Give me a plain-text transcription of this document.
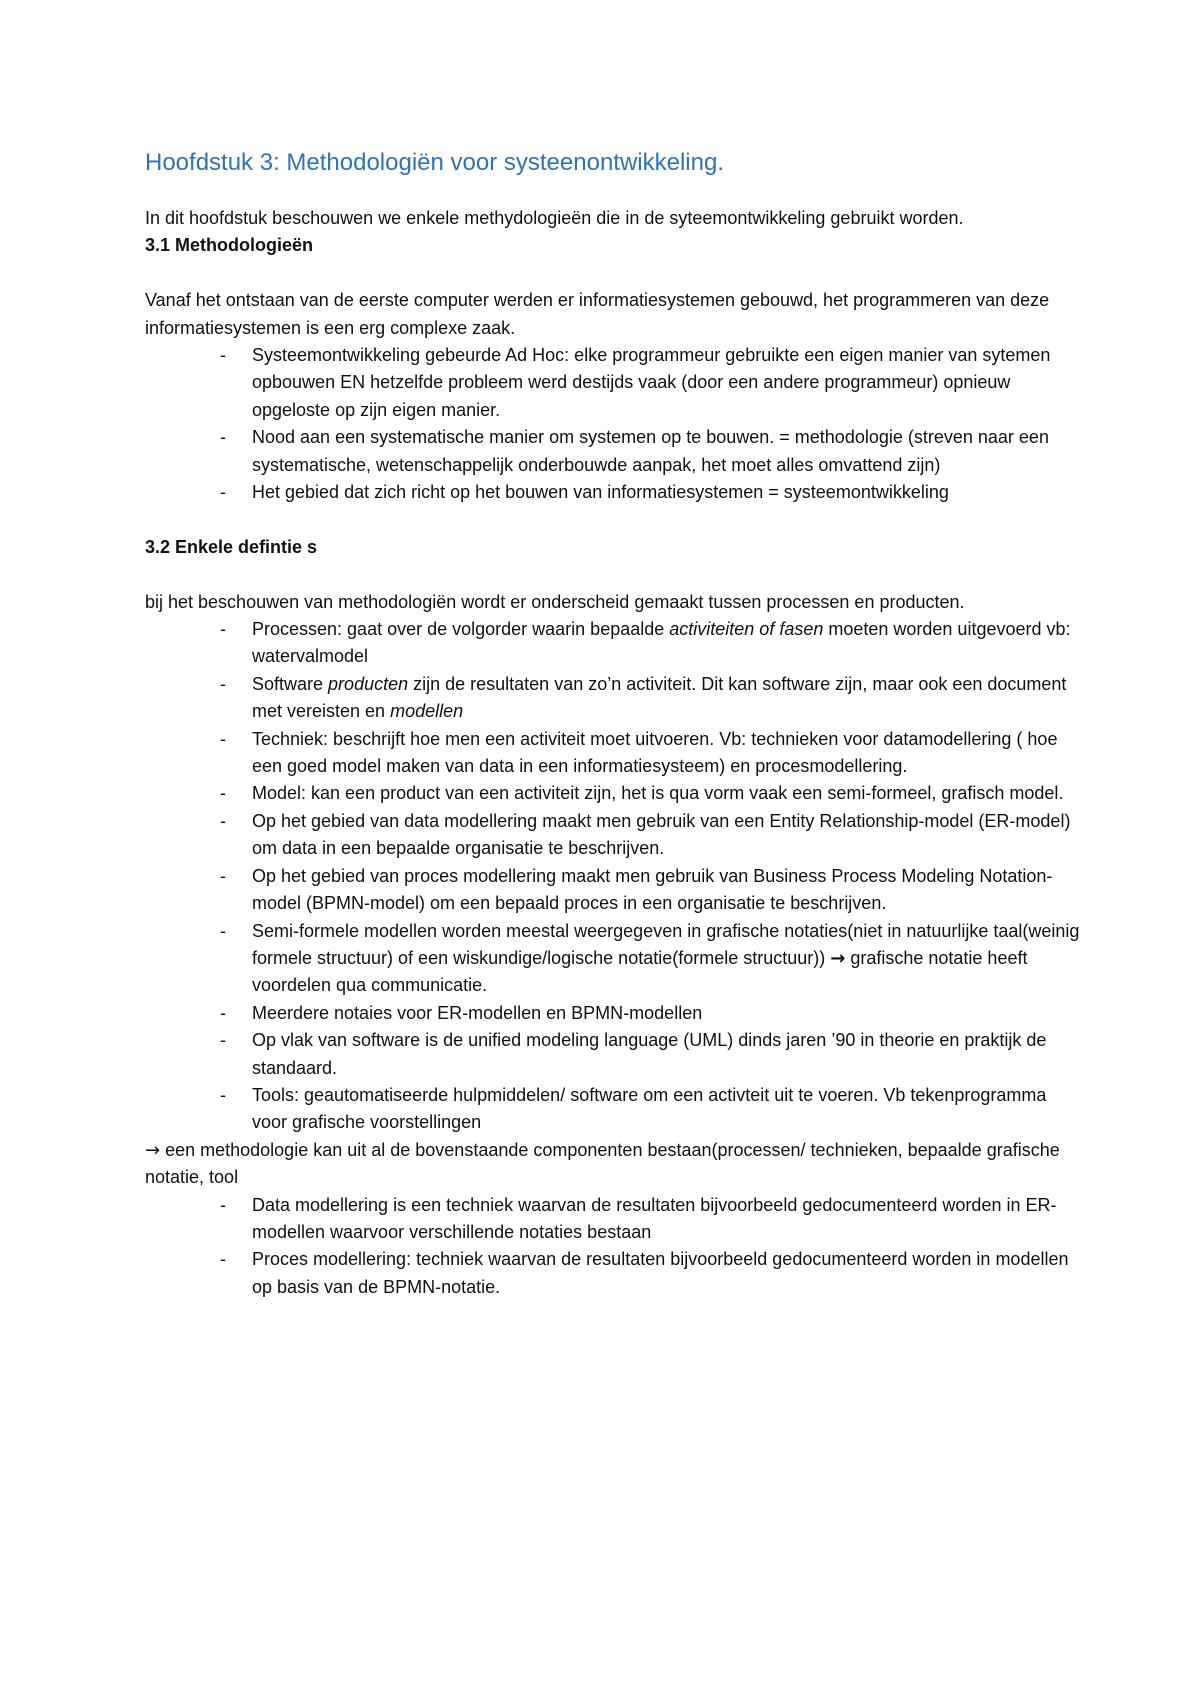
Hoofdstuk 3: Methodologiën voor systeenontwikkeling.

In dit hoofdstuk beschouwen we enkele methydologieën die in de syteemontwikkeling gebruikt worden.

3.1 Methodologieën

Vanaf het ontstaan van de eerste computer werden er informatiesystemen gebouwd, het programmeren van deze informatiesystemen is een erg complexe zaak.

- Systeemontwikkeling gebeurde Ad Hoc: elke programmeur gebruikte een eigen manier van sytemen opbouwen EN hetzelfde probleem werd destijds vaak (door een andere programmeur) opnieuw opgeloste op zijn eigen manier.
- Nood aan een systematische manier om systemen op te bouwen. = methodologie (streven naar een systematische, wetenschappelijk onderbouwde aanpak, het moet alles omvattend zijn)
- Het gebied dat zich richt op het bouwen van informatiesystemen = systeemontwikkeling
3.2 Enkele defintie s

bij het beschouwen van methodologiën wordt er onderscheid gemaakt tussen processen en producten.

- Processen: gaat over de volgorder waarin bepaalde activiteiten of fasen moeten worden uitgevoerd vb: watervalmodel
- Software producten zijn de resultaten van zo’n activiteit. Dit kan software zijn, maar ook een document met vereisten en modellen
- Techniek: beschrijft hoe men een activiteit moet uitvoeren. Vb: technieken voor datamodellering ( hoe een goed model maken van data in een informatiesysteem) en procesmodellering.
- Model: kan een product van een activiteit zijn, het is qua vorm vaak een semi-formeel, grafisch model.
- Op het gebied van data modellering maakt men gebruik van een Entity Relationship-model (ER-model) om data in een bepaalde organisatie te beschrijven.
- Op het gebied van proces modellering maakt men gebruik van Business Process Modeling Notation-model (BPMN-model) om een bepaald proces in een organisatie te beschrijven.
- Semi-formele modellen worden meestal weergegeven in grafische notaties(niet in natuurlijke taal(weinig formele structuur) of een wiskundige/logische notatie(formele structuur)) → grafische notatie heeft voordelen qua communicatie.
- Meerdere notaies voor ER-modellen en BPMN-modellen
- Op vlak van software is de unified modeling language (UML) dinds jaren ’90 in theorie en praktijk de standaard.
- Tools: geautomatiseerde hulpmiddelen/ software om een activteit uit te voeren. Vb tekenprogramma voor grafische voorstellingen

→ een methodologie kan uit al de bovenstaande componenten bestaan(processen/ technieken, bepaalde grafische notatie, tool

- Data modellering is een techniek waarvan de resultaten bijvoorbeeld gedocumenteerd worden in ER-modellen waarvoor verschillende notaties bestaan
- Proces modellering: techniek waarvan de resultaten bijvoorbeeld gedocumenteerd worden in modellen op basis van de BPMN-notatie.
